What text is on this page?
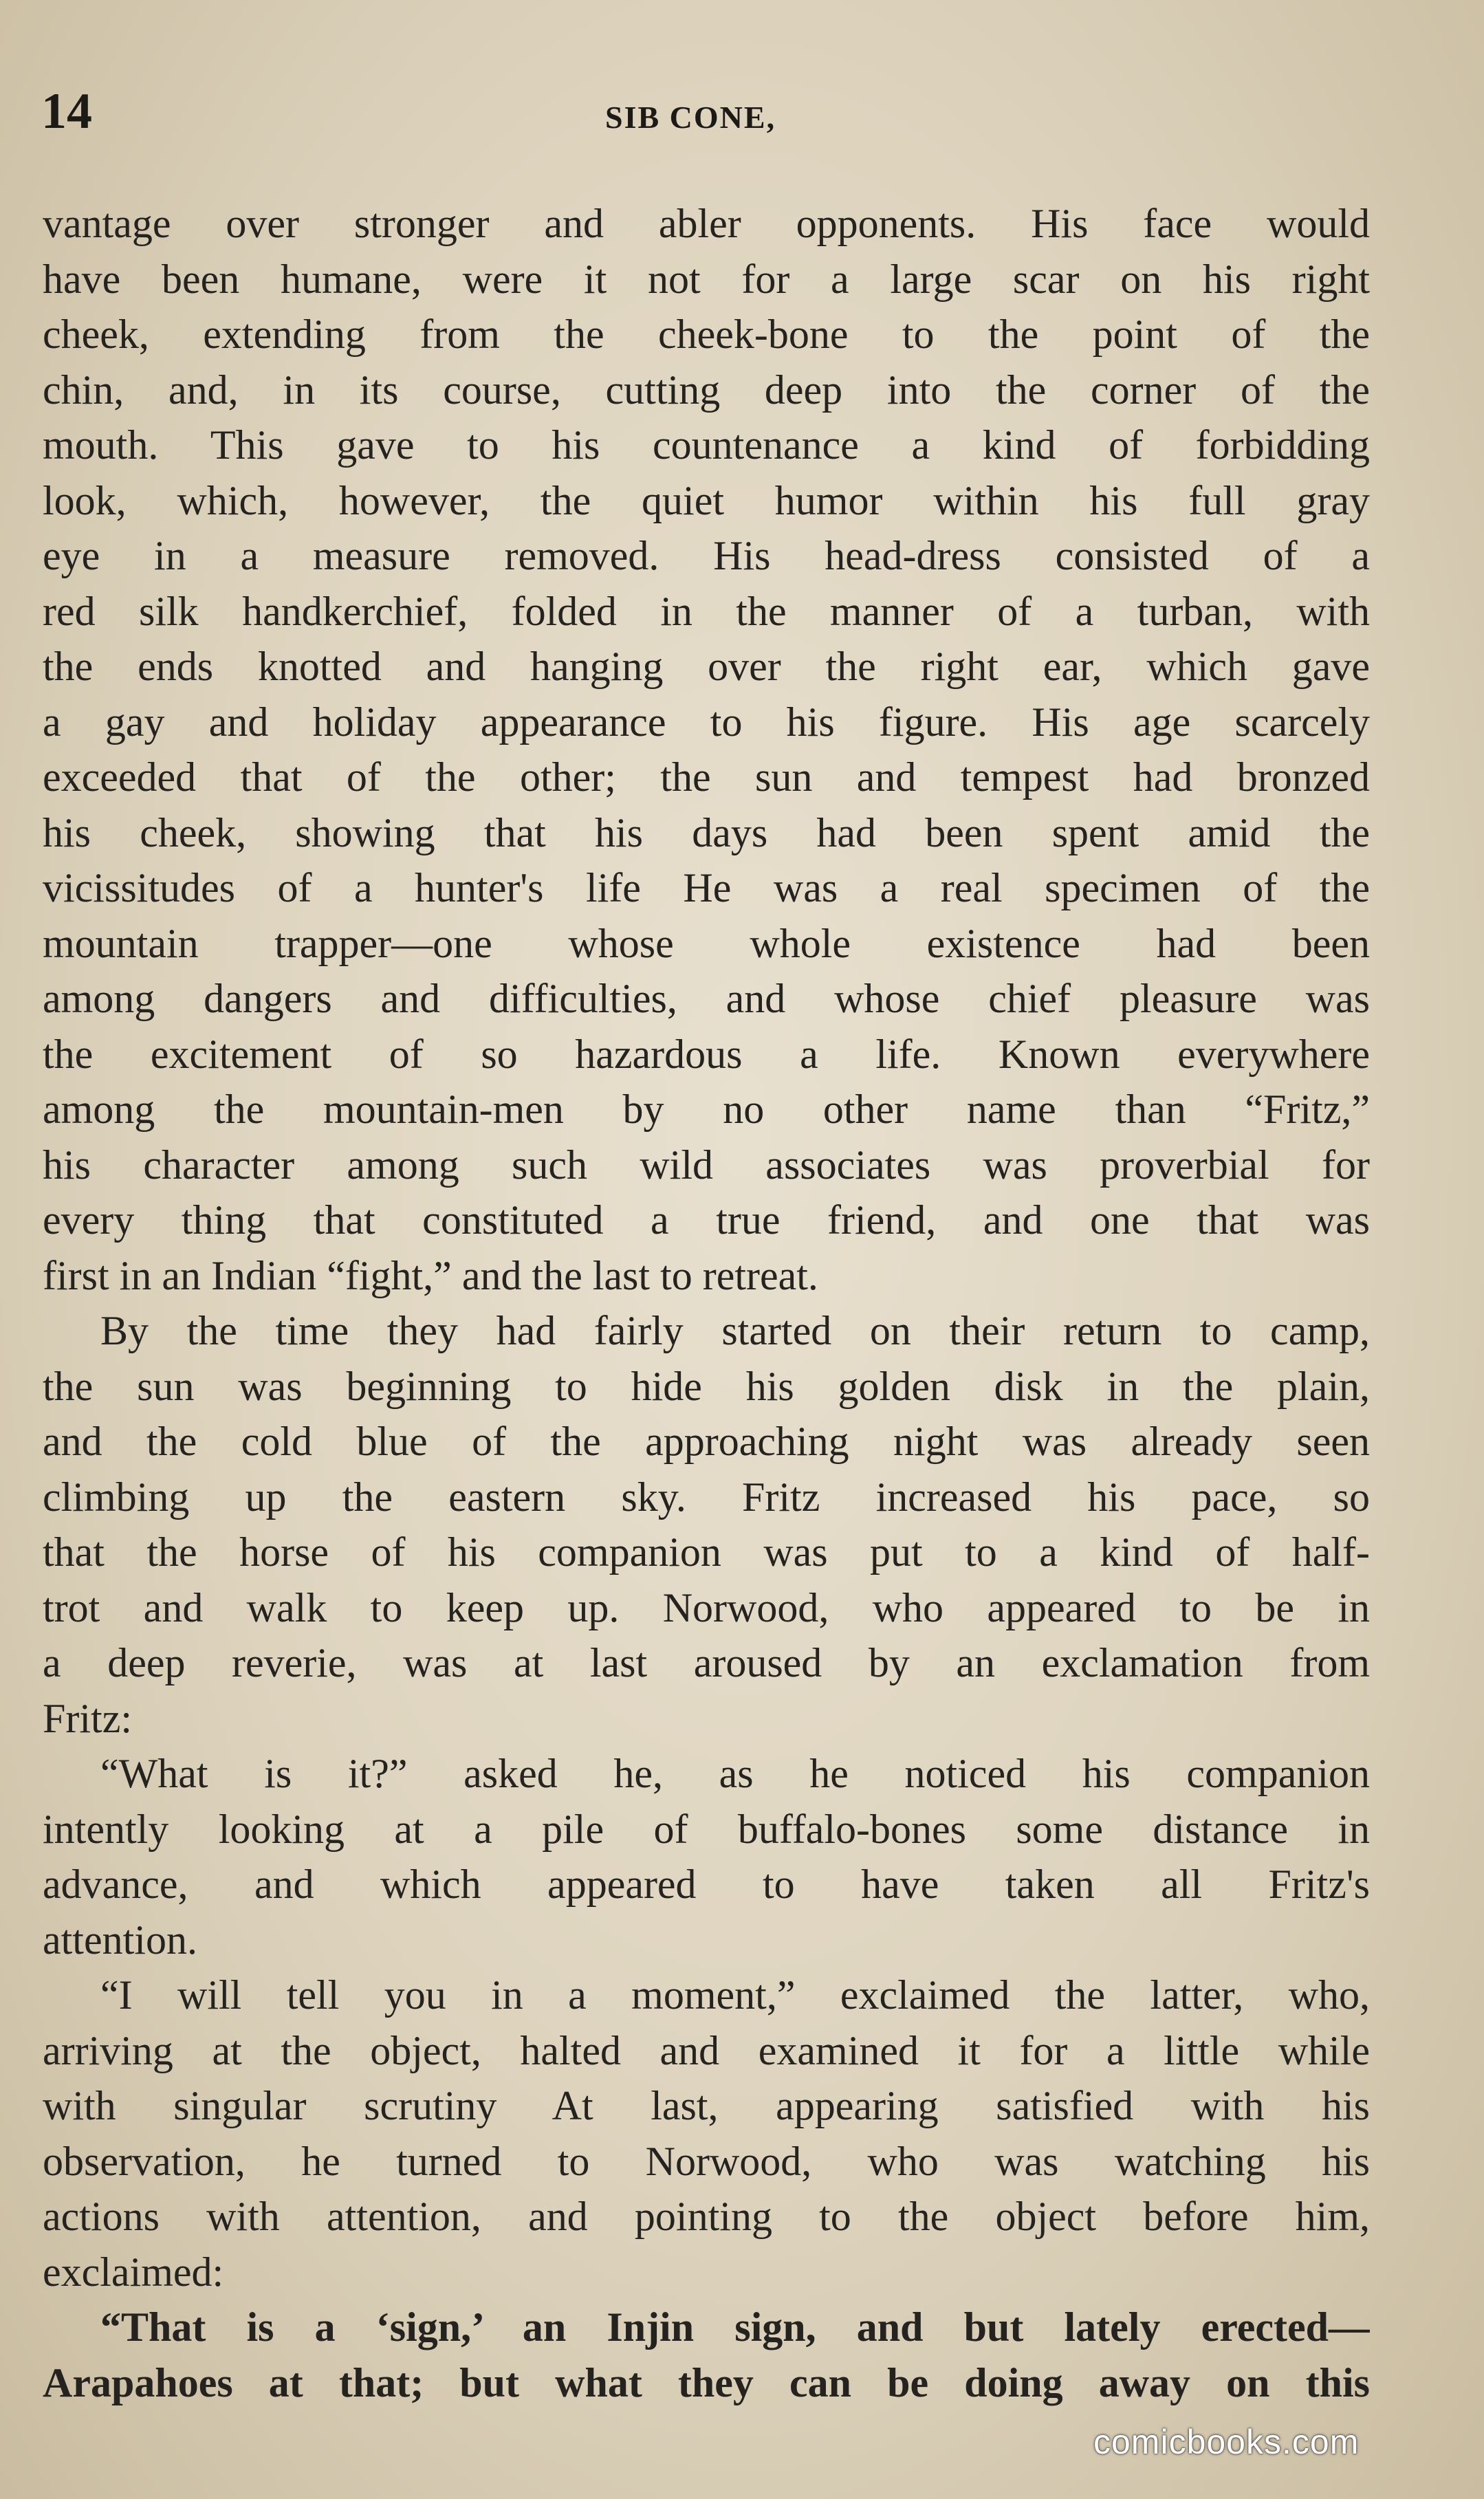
14	SIB CONE,
vantage over stronger and abler opponents. His face would
have been humane, were it not for a large scar on his right
cheek, extending from the cheek-bone to the point of the
chin, and, in its course, cutting deep into the corner of the
mouth. This gave to his countenance a kind of forbidding
look, which, however, the quiet humor within his full gray
eye in a measure removed. His head-dress consisted of a
red silk handkerchief, folded in the manner of a turban, with
the ends knotted and hanging over the right ear, which gave
a gay and holiday appearance to his figure. His age scarcely
exceeded that of the other; the sun and tempest had bronzed
his cheek, showing that his days had been spent amid the
vicissitudes of a hunter's life He was a real specimen of the
mountain trapper—one whose whole existence had been
among dangers and difficulties, and whose chief pleasure was
the excitement of so hazardous a life. Known everywhere
among the mountain-men by no other name than “Fritz,”
his character among such wild associates was proverbial for
every thing that constituted a true friend, and one that was
first in an Indian “fight,” and the last to retreat.
By the time they had fairly started on their return to camp,
the sun was beginning to hide his golden disk in the plain,
and the cold blue of the approaching night was already seen
climbing up the eastern sky. Fritz increased his pace, so
that the horse of his companion was put to a kind of half-
trot and walk to keep up. Norwood, who appeared to be in
a deep reverie, was at last aroused by an exclamation from
Fritz:
“What is it?” asked he, as he noticed his companion
intently looking at a pile of buffalo-bones some distance in
advance, and which appeared to have taken all Fritz's
attention.
“I will tell you in a moment,” exclaimed the latter, who,
arriving at the object, halted and examined it for a little while
with singular scrutiny At last, appearing satisfied with his
observation, he turned to Norwood, who was watching his
actions with attention, and pointing to the object before him,
exclaimed:
“That is a ‘sign,’ an Injin sign, and but lately erected—
Arapahoes at that; but what they can be doing away on this
comicbooks.com
